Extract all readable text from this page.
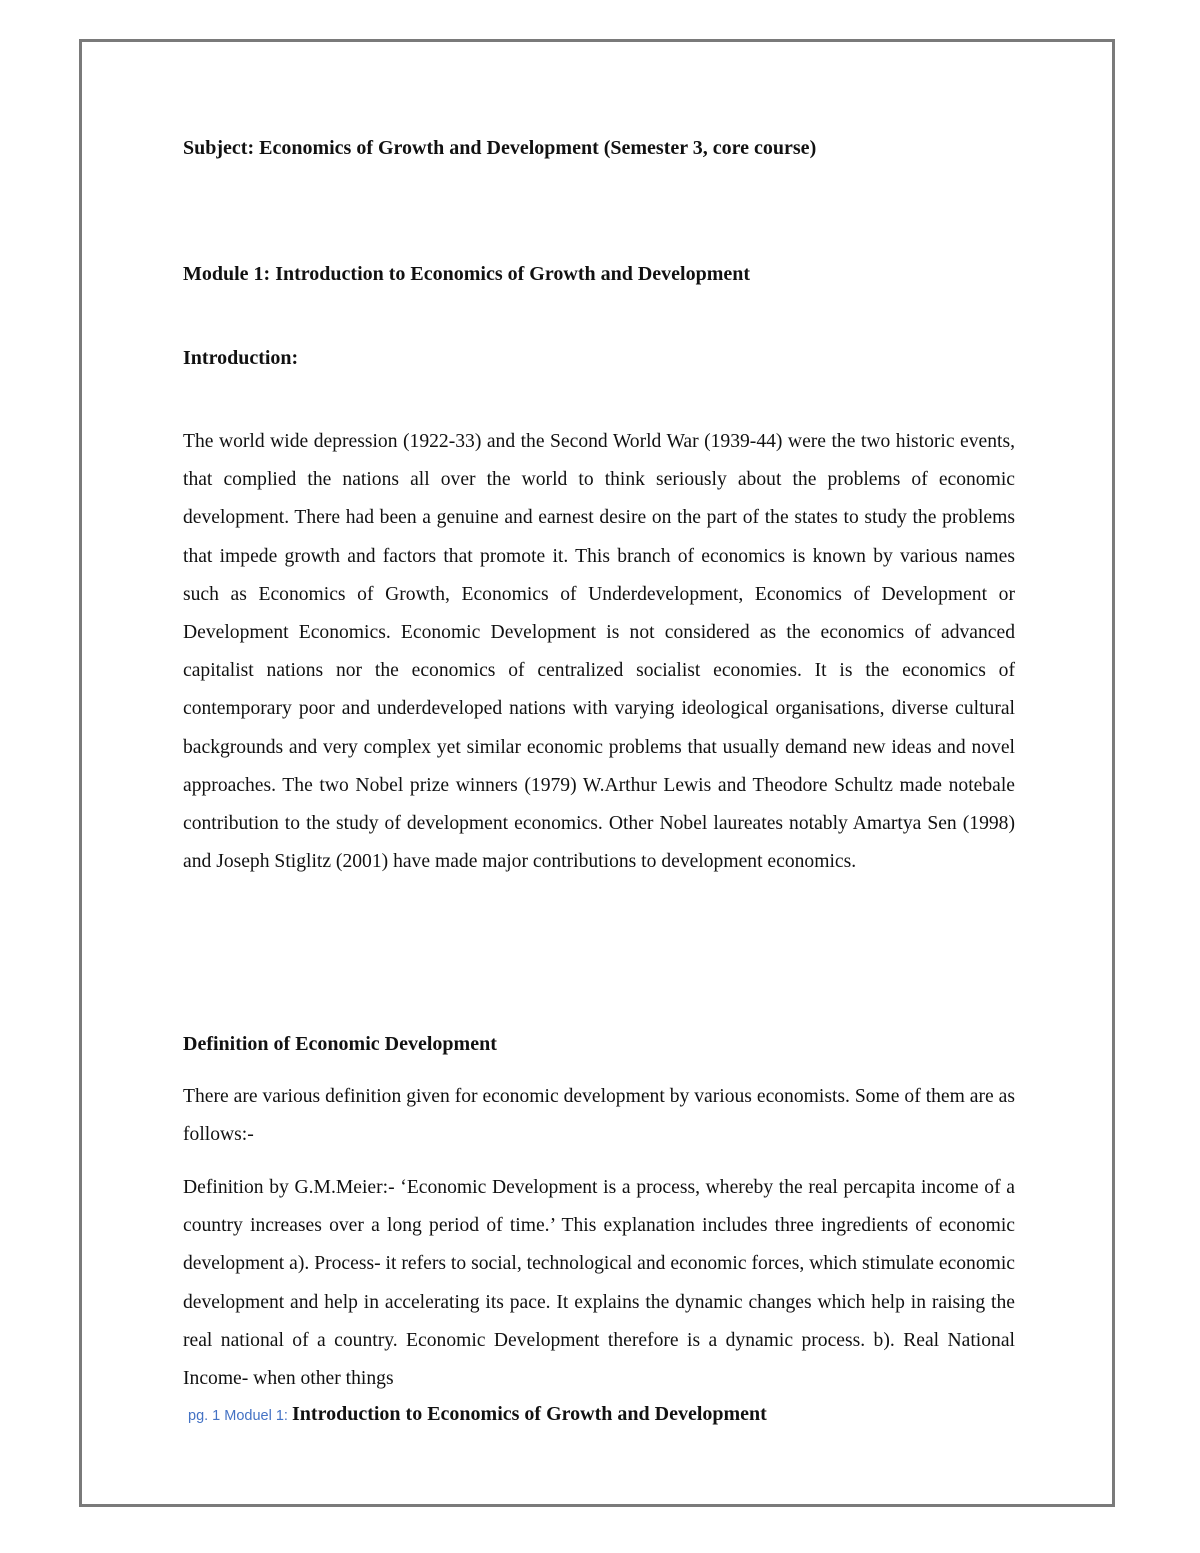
Subject: Economics of Growth and Development (Semester 3, core course)

Module 1: Introduction to Economics of Growth and Development

Introduction:

The world wide depression (1922-33) and the Second World War (1939-44) were the two historic events, that complied the nations all over the world to think seriously about the problems of economic development. There had been a genuine and earnest desire on the part of the states to study the problems that impede growth and factors that promote it. This branch of economics is known by various names such as Economics of Growth, Economics of Underdevelopment, Economics of Development or Development Economics. Economic Development is not considered as the economics of advanced capitalist nations nor the economics of centralized socialist economies. It is the economics of contemporary poor and underdeveloped nations with varying ideological organisations, diverse cultural backgrounds and very complex yet similar economic problems that usually demand new ideas and novel approaches. The two Nobel prize winners (1979) W.Arthur Lewis and Theodore Schultz made notebale contribution to the study of development economics. Other Nobel laureates notably Amartya Sen (1998) and Joseph Stiglitz (2001) have made major contributions to development economics.

Definition of Economic Development

There are various definition given for economic development by various economists. Some of them are as follows:-

Definition by G.M.Meier:- ‘Economic Development is a process, whereby the real percapita income of a country increases over a long period of time.’ This explanation includes three ingredients of economic development a). Process- it refers to social, technological and economic forces, which stimulate economic development and help in accelerating its pace. It explains the dynamic changes which help in raising the real national of a country. Economic Development therefore is a dynamic process. b). Real National Income- when other things

pg. 1 Moduel 1: Introduction to Economics of Growth and Development
